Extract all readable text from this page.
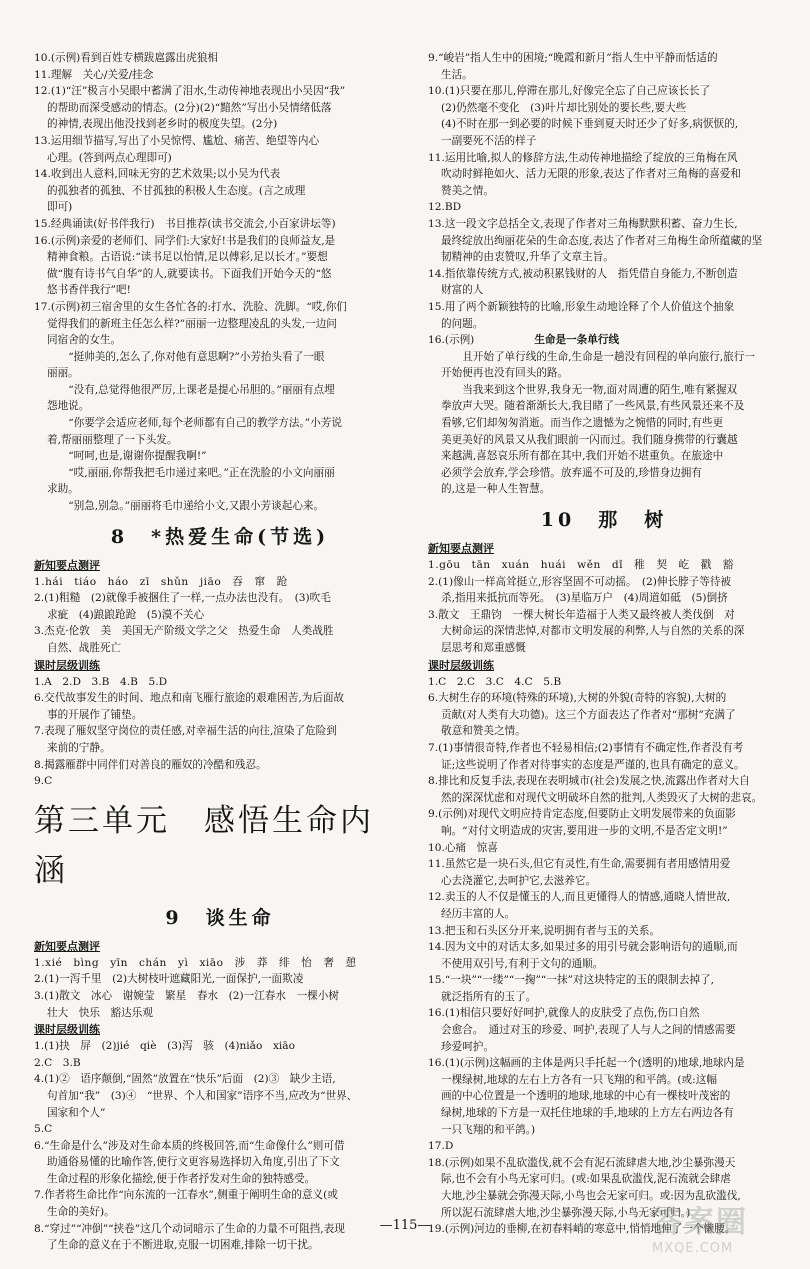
10.(示例)看到百姓专横跋扈露出虎狼相
11.理解　关心/关爱/挂念
12.(1)“汪”极言小吴眼中蓄满了泪水,生动传神地表现出小吴因“我”
的帮助而深受感动的情态。(2分)(2)“黯然”写出小吴情绪低落
的神情,表现出他没找到老乡时的极度失望。(2分)
13.运用细节描写,写出了小吴惊愕、尴尬、痛苦、绝望等内心
心理。(答到两点心理即可)
14.收到出人意料,回味无穷的艺术效果;以小吴为代表
的孤独者的孤独、不甘孤独的积极人生态度。(言之成理
即可)
15.经典诵读(好书伴我行)　书目推荐(读书交流会,小百家讲坛等)
16.(示例)亲爱的老师们、同学们:大家好!书是我们的良师益友,是
精神食粮。古语说:“读书足以怡情,足以傅彩,足以长才。”要想
做“腹有诗书气自华”的人,就要读书。下面我们开始今天的“悠
悠书香伴我行”吧!
17.(示例)初三宿舍里的女生各忙各的:打水、洗脸、洗脚。“哎,你们
觉得我们的新班主任怎么样?”丽丽一边整理凌乱的头发,一边问
同宿舍的女生。
“挺帅美的,怎么了,你对他有意思啊?”小芳抬头看了一眼
丽丽。
“没有,总觉得他很严厉,上课老是提心吊胆的。”丽丽有点埋
怨地说。
“你要学会适应老师,每个老师都有自己的教学方法。”小芳说
着,帮丽丽整理了一下头发。
“呵呵,也是,谢谢你提醒我啊!”
“哎,丽丽,你帮我把毛巾递过来吧。”正在洗脸的小文向丽丽
求助。
“别急,别急。”丽丽将毛巾递给小文,又跟小芳谈起心来。
8　*热爱生命(节选)
新知要点测评
1.hái　tiáo　háo　zī　shǔn　jiāo　吞　窜　跄
2.(1)粗糙　(2)就像手被捆住了一样,一点办法也没有。　(3)吹毛
求疵　(4)踉踉跄跄　(5)漠不关心
3.杰克·伦敦　美　美国无产阶级文学之父　热爱生命　人类战胜
自然、战胜死亡
课时层级训练
1.A　2.D　3.B　4.B　5.D
6.交代故事发生的时间、地点和南飞雁行旅途的艰难困苦,为后面故
事的开展作了铺垫。
7.表现了雁奴坚守岗位的责任感,对幸福生活的向往,渲染了危险到
来前的宁静。
8.揭露雁群中同伴们对善良的雁奴的冷酷和残忍。
9.C
第三单元　感悟生命内涵
9　谈生命
新知要点测评
1.xié　bìng　yīn　chán　yì　xiāo　涉　莽　绯　怡　奢　憩
2.(1)一泻千里　(2)大树枝叶遮藏阳光,一面保护,一面欺凌
3.(1)散文　冰心　谢婉莹　繁星　春水　(2)一江春水　一棵小树
壮大　快乐　豁达乐观
课时层级训练
1.(1)抉　屏　(2)jié　qiè　(3)泻　骇　(4)niǎo　xiāo
2.C　3.B
4.(1)②　语序颠倒,“固然”放置在“快乐”后面　(2)③　缺少主语,
句首加“我”　(3)④　“世界、个人和国家”语序不当,应改为“世界、
国家和个人”
5.C
6.“生命是什么”涉及对生命本质的终极回答,而“生命像什么”则可借
助通俗易懂的比喻作答,使行文更容易选择切入角度,引出了下文
生命过程的形象化描绘,便于作者抒发对生命的独特感受。
7.作者将生命比作“向东流的一江春水”,侧重于阐明生命的意义(或
生命的美好)。
8.“穿过”“冲倒”“挟卷”这几个动词暗示了生命的力量不可阻挡,表现
了生命的意义在于不断进取,克服一切困难,排除一切干扰。
9.“峻岩”指人生中的困境;“晚霞和新月”指人生中平静而恬适的
生活。
10.(1)只要在那儿,停滞在那儿,好像完全忘了自己应该长长了
(2)仍然毫不变化　(3)叶片却比别处的要长些,要大些
(4)不时在那一到必要的时候下垂到夏天时还少了好多,病恹恹的,
一副要死不活的样子
11.运用比喻,拟人的修辞方法,生动传神地描绘了绽放的三角梅在风
吹动时鲜艳如火、活力无限的形象,表达了作者对三角梅的喜爱和
赞美之情。
12.BD
13.这一段文字总括全文,表现了作者对三角梅默默积蓄、奋力生长,
最终绽放出绚丽花朵的生命态度,表达了作者对三角梅生命所蕴藏的坚
韧精神的由衷赞叹,升华了文章主旨。
14.指依靠传统方式,被动积累钱财的人　指凭借自身能力,不断创造
财富的人
15.用了两个新颖独特的比喻,形象生动地诠释了个人价值这个抽象
的问题。
16.(示例)	生命是一条单行线
且开始了单行线的生命,生命是一趟没有回程的单向旅行,旅行一
开始便再也没有回头的路。
当我来到这个世界,我身无一物,面对周遭的陌生,唯有紧握双
拳放声大哭。随着渐渐长大,我目睹了一些风景,有些风景还来不及
看够,它们却匆匆消逝。而当作之遗憾为之惋惜的同时,有些更
美更美好的风景又从我们眼前一闪而过。我们随身携带的行囊越
来越满,喜怒哀乐所有都在其中,我们开始不堪重负。在旅途中
必须学会放弃,学会珍惜。放弃遥不可及的,珍惜身边拥有
的,这是一种人生智慧。
10　那　树
新知要点测评
1.gōu　tān　xuán　huái　wěn　dǐ　稚　契　屹　戳　豁
2.(1)像山一样高耸挺立,形容坚固不可动摇。　(2)伸长脖子等待被
杀,指用来抵抗而等死。　(3)星临万户　(4)周道如砥　(5)倒挤
3.散文　王鼎钧　一棵大树长年造福于人类又最终被人类伐倒　对
大树命运的深情悲悼,对都市文明发展的利弊,人与自然的关系的深
层思考和郑重感慨
课时层级训练
1.C　2.C　3.C　4.C　5.B
6.大树生存的环境(特殊的环境),大树的外貌(奇特的容貌),大树的
贡献(对人类有大功德)。这三个方面表达了作者对“那树”充满了
敬意和赞美之情。
7.(1)事情很奇特,作者也不轻易相信;(2)事情有不确定性,作者没有考
证;这些说明了作者对待事实的态度是严谨的,也具有确定的意义。
8.排比和反复手法,表现在表明城市(社会)发展之快,流露出作者对大自
然的深深忧虑和对现代文明破坏自然的批判,人类毁灭了大树的悲哀。
9.(示例)对现代文明应持肯定态度,但要防止文明发展带来的负面影
响。“对付文明造成的灾害,要用进一步的文明,不是否定文明!”
10.心痛　惊喜
11.虽然它是一块石头,但它有灵性,有生命,需要拥有者用感情用爱
心去浇灌它,去呵护它,去滋养它。
12.卖玉的人不仅是懂玉的人,而且更懂得人的情感,通晓人情世故,
经历丰富的人。
13.把玉和石头区分开来,说明拥有者与玉的关系。
14.因为文中的对话太多,如果过多的用引号就会影响语句的通顺,而
不使用双引号,有利于文句的通顺。
15.“一块”“一缕”“一掬”“一抹”对这块特定的玉的限制去掉了,
就泛指所有的玉了。
16.(1)相信只要好好呵护,就像人的皮肤受了点伤,伤口自然
会愈合。　通过对玉的珍爱、呵护,表现了人与人之间的情感需要
珍爱呵护。
16.(1)(示例)这幅画的主体是两只手托起一个(透明的)地球,地球内是
一棵绿树,地球的左右上方各有一只飞翔的和平鸽。(或:这幅
画的中心位置是一个透明的地球,地球的中心有一棵枝叶茂密的
绿树,地球的下方是一双托住地球的手,地球的上方左右两边各有
一只飞翔的和平鸽。)
17.D
18.(示例)如果不乱砍滥伐,就不会有泥石流肆虐大地,沙尘暴弥漫天
际,也不会有小鸟无家可归。(或:如果乱砍滥伐,泥石流就会肆虐
大地,沙尘暴就会弥漫天际,小鸟也会无家可归。或:因为乱砍滥伐,
所以泥石流肆虐大地,沙尘暴弥漫天际,小鸟无家可归。)
19.(示例)河边的垂柳,在初春料峭的寒意中,悄悄地伸了一个懒腰。
—115—	答案圈
MXQE.COM
